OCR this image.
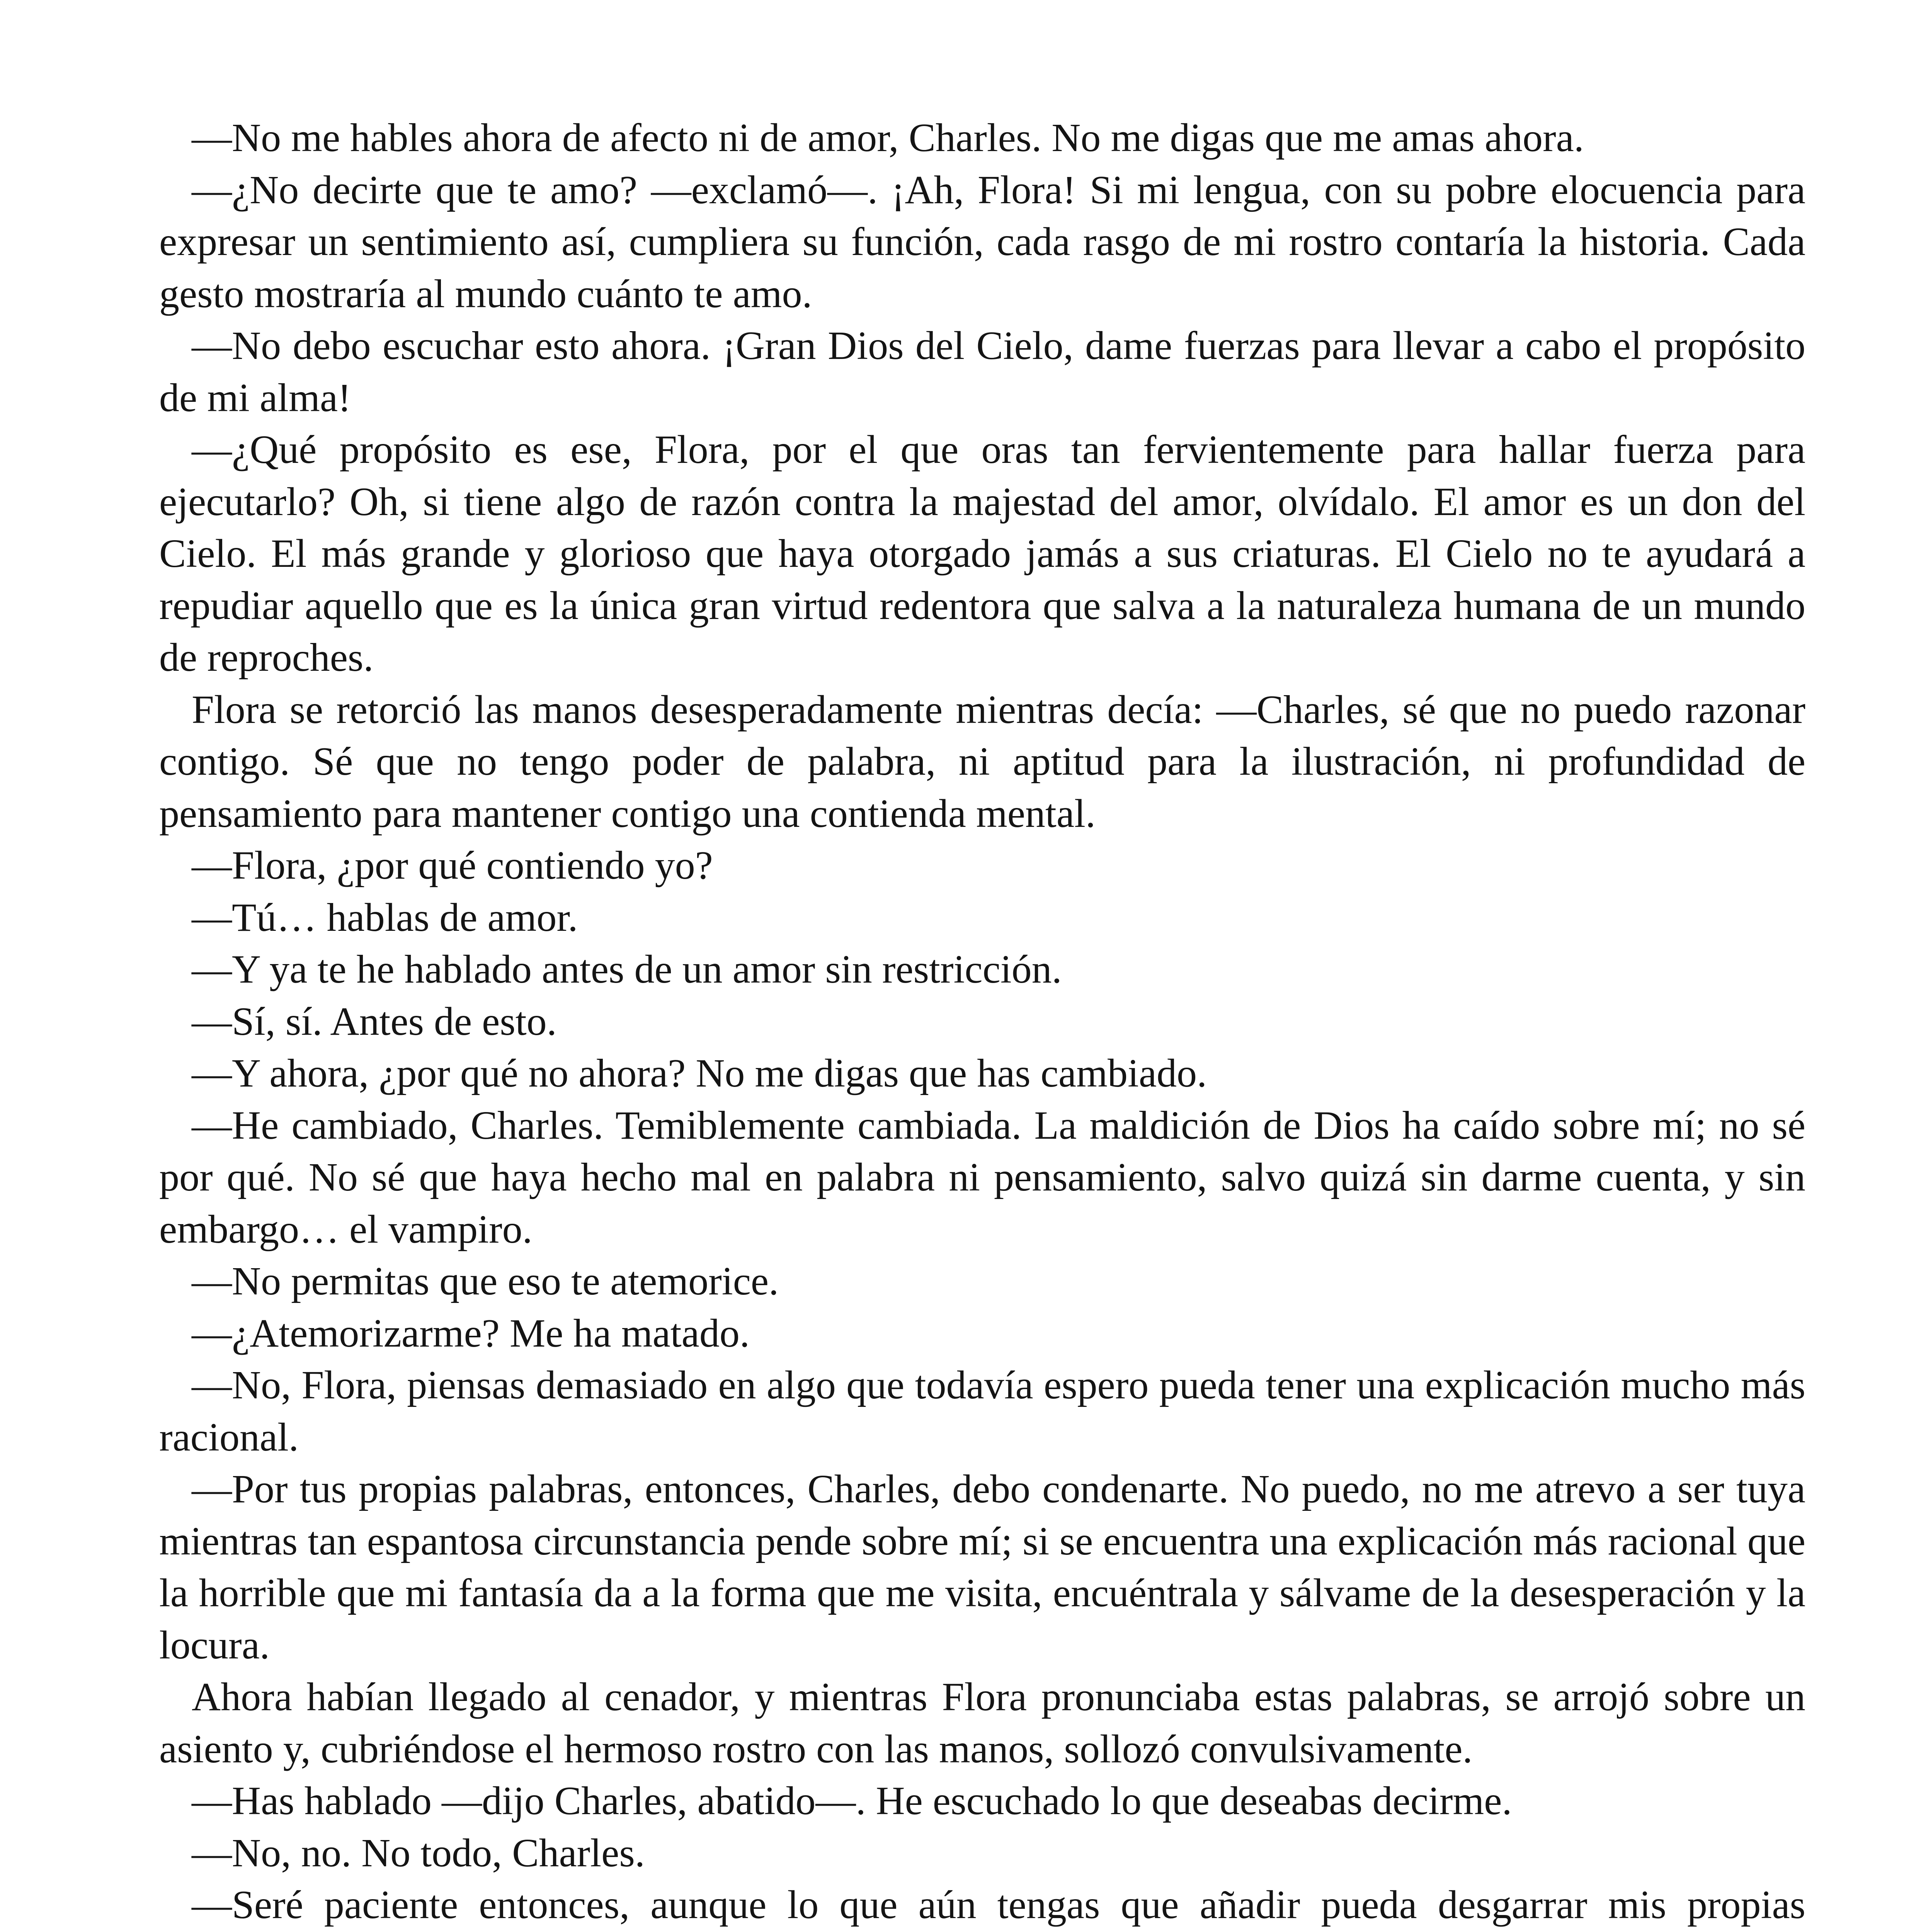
—No me hables ahora de afecto ni de amor, Charles. No me digas que me amas ahora.

—¿No decirte que te amo? —exclamó—. ¡Ah, Flora! Si mi lengua, con su pobre elocuencia para expresar un sentimiento así, cumpliera su función, cada rasgo de mi rostro contaría la historia. Cada gesto mostraría al mundo cuánto te amo.

—No debo escuchar esto ahora. ¡Gran Dios del Cielo, dame fuerzas para llevar a cabo el propósito de mi alma!

—¿Qué propósito es ese, Flora, por el que oras tan fervientemente para hallar fuerza para ejecutarlo? Oh, si tiene algo de razón contra la majestad del amor, olvídalo. El amor es un don del Cielo. El más grande y glorioso que haya otorgado jamás a sus criaturas. El Cielo no te ayudará a repudiar aquello que es la única gran virtud redentora que salva a la naturaleza humana de un mundo de reproches.

Flora se retorció las manos desesperadamente mientras decía: —Charles, sé que no puedo razonar contigo. Sé que no tengo poder de palabra, ni aptitud para la ilustración, ni profundidad de pensamiento para mantener contigo una contienda mental.

—Flora, ¿por qué contiendo yo?

—Tú… hablas de amor.

—Y ya te he hablado antes de un amor sin restricción.

—Sí, sí. Antes de esto.

—Y ahora, ¿por qué no ahora? No me digas que has cambiado.

—He cambiado, Charles. Temiblemente cambiada. La maldición de Dios ha caído sobre mí; no sé por qué. No sé que haya hecho mal en palabra ni pensamiento, salvo quizá sin darme cuenta, y sin embargo… el vampiro.

—No permitas que eso te atemorice.

—¿Atemorizarme? Me ha matado.

—No, Flora, piensas demasiado en algo que todavía espero pueda tener una explicación mucho más racional.

—Por tus propias palabras, entonces, Charles, debo condenarte. No puedo, no me atrevo a ser tuya mientras tan espantosa circunstancia pende sobre mí; si se encuentra una explicación más racional que la horrible que mi fantasía da a la forma que me visita, encuéntrala y sálvame de la desesperación y la locura.

Ahora habían llegado al cenador, y mientras Flora pronunciaba estas palabras, se arrojó sobre un asiento y, cubriéndose el hermoso rostro con las manos, sollozó convulsivamente.

—Has hablado —dijo Charles, abatido—. He escuchado lo que deseabas decirme.

—No, no. No todo, Charles.

—Seré paciente entonces, aunque lo que aún tengas que añadir pueda desgarrar mis propias
